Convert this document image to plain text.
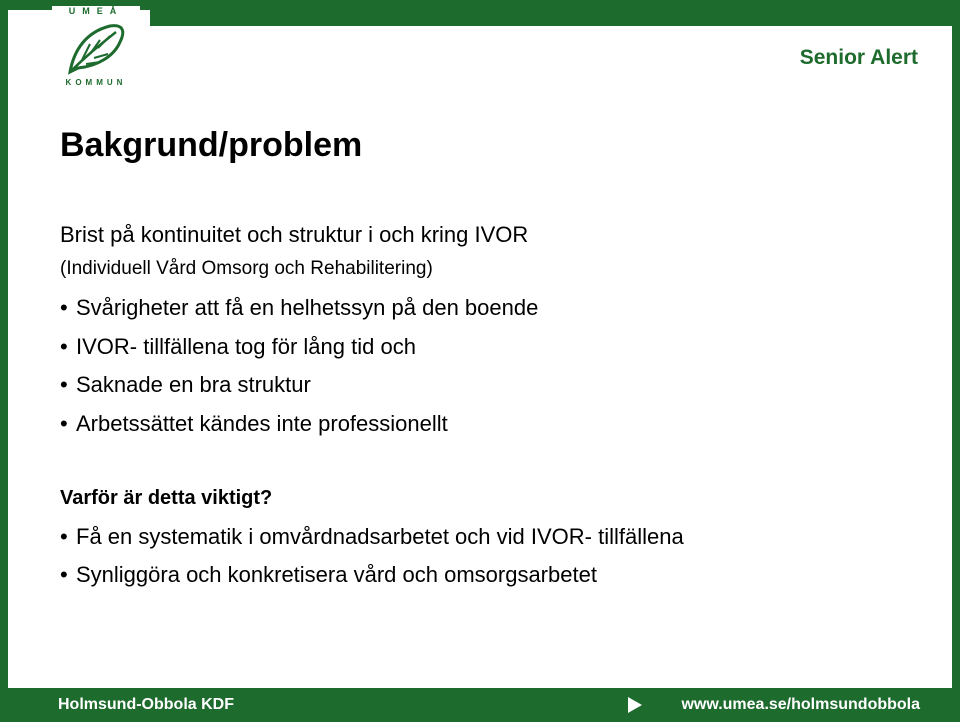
UMEÅ
KOMMUN
Senior Alert
Bakgrund/problem
Brist på kontinuitet och struktur i och kring IVOR
(Individuell Vård Omsorg och Rehabilitering)
• Svårigheter att få en helhetssyn på den boende
• IVOR- tillfällena tog för lång tid och
• Saknade en bra struktur
• Arbetssättet kändes inte professionellt
Varför är detta viktigt?
• Få en systematik i omvårdnadsarbetet och vid IVOR- tillfällena
• Synliggöra och konkretisera vård och omsorgsarbetet
Holmsund-Obbola KDF	www.umea.se/holmsundobbola
